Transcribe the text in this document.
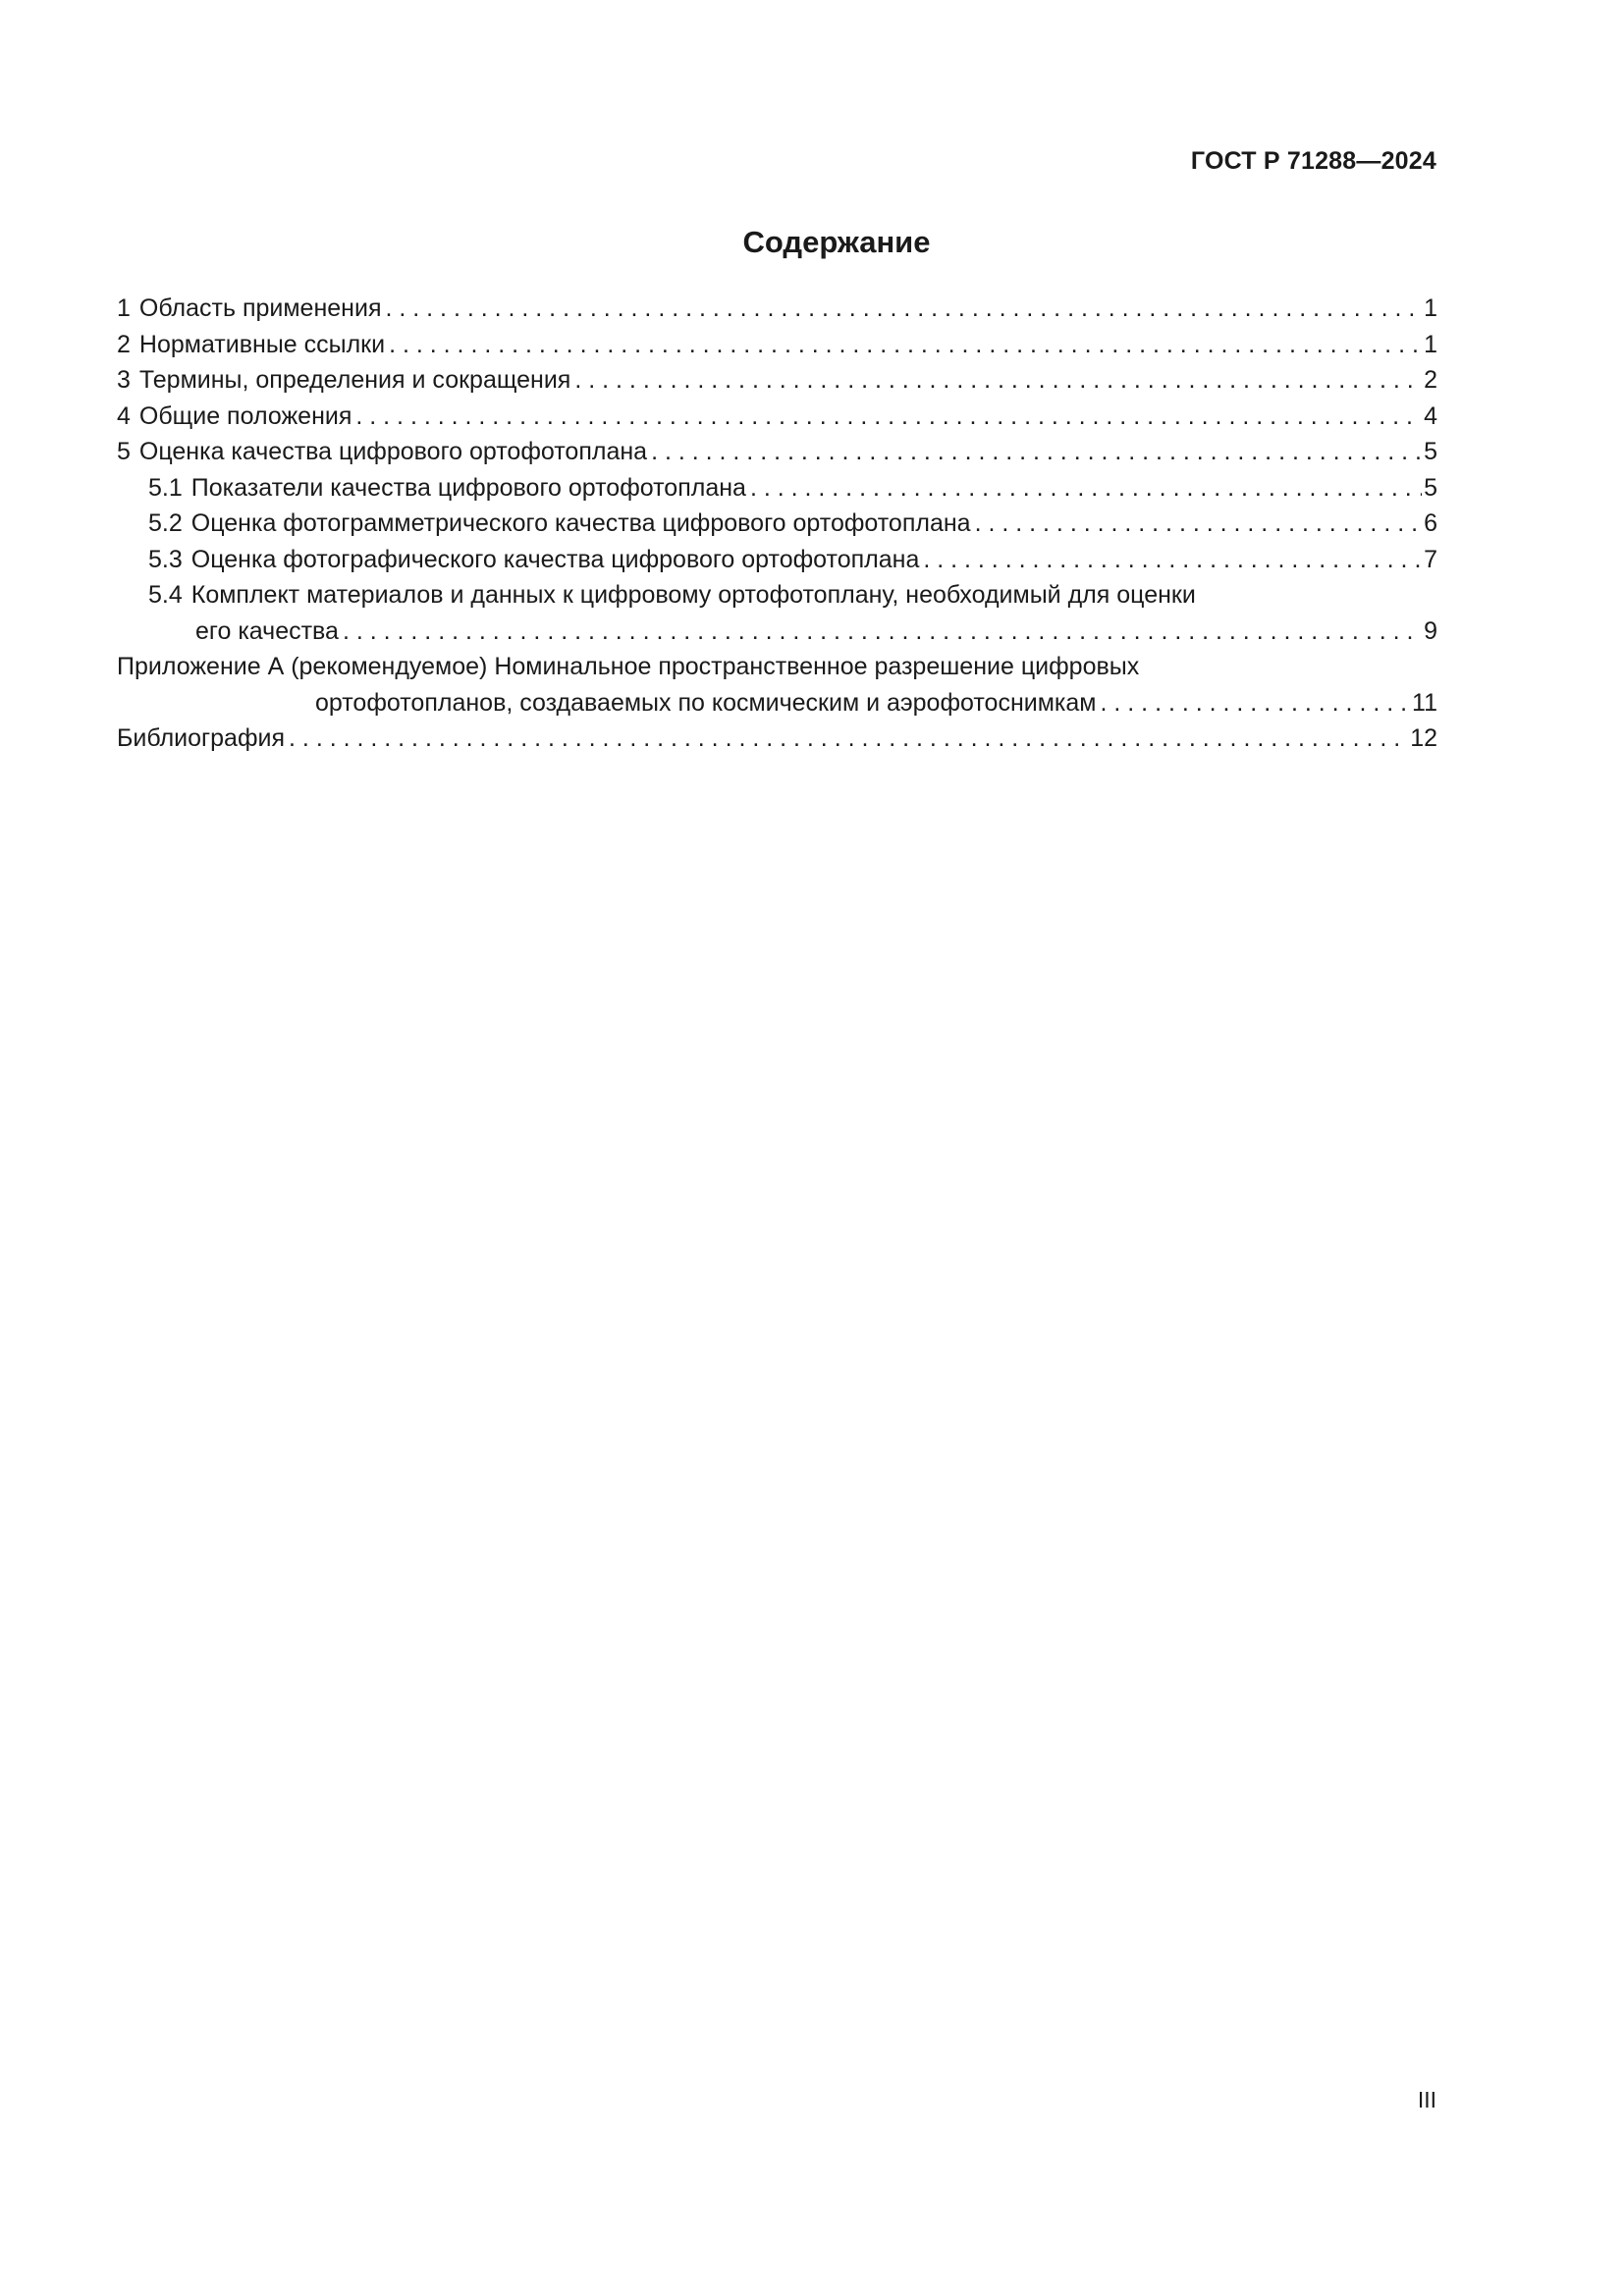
ГОСТ Р 71288—2024
Содержание
1 Область применения . . .	1
2 Нормативные ссылки . . .	1
3 Термины, определения и сокращения . . .	2
4 Общие положения . . .	4
5 Оценка качества цифрового ортофотоплана . . .	5
5.1 Показатели качества цифрового ортофотоплана . . .	5
5.2 Оценка фотограмметрического качества цифрового ортофотоплана . . .	6
5.3 Оценка фотографического качества цифрового ортофотоплана . . .	7
5.4 Комплект материалов и данных к цифровому ортофотоплану, необходимый для оценки
его качества . . .	9
Приложение А (рекомендуемое) Номинальное пространственное разрешение цифровых
ортофотопланов, создаваемых по космическим и аэрофотоснимкам . . .	11
Библиография . . .	12
III
